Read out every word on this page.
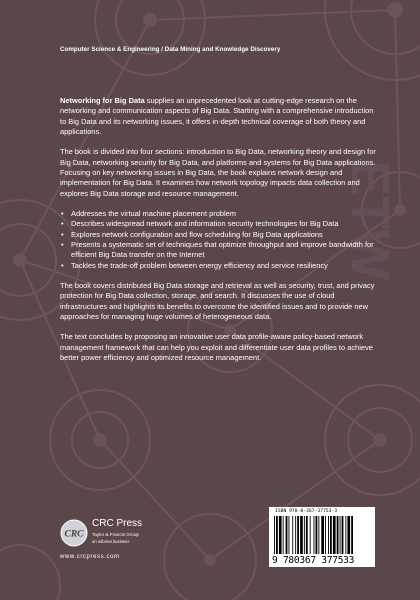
ETW
Computer Science & Engineering / Data Mining and Knowledge Discovery

Networking for Big Data supplies an unprecedented look at cutting-edge research on the networking and communication aspects of Big Data. Starting with a comprehensive introduction to Big Data and its networking issues, it offers in-depth technical coverage of both theory and applications.

The book is divided into four sections: introduction to Big Data, networking theory and design for Big Data, networking security for Big Data, and platforms and systems for Big Data applications. Focusing on key networking issues in Big Data, the book explains network design and implementation for Big Data. It examines how network topology impacts data collection and explores Big Data storage and resource management.

• Addresses the virtual machine placement problem
• Describes widespread network and information security technologies for Big Data
• Explores network configuration and flow scheduling for Big Data applications
• Presents a systematic set of techniques that optimize throughput and improve bandwidth for efficient Big Data transfer on the Internet
• Tackles the trade-off problem between energy efficiency and service resiliency

The book covers distributed Big Data storage and retrieval as well as security, trust, and privacy protection for Big Data collection, storage, and search. It discusses the use of cloud infrastructures and highlights its benefits to overcome the identified issues and to provide new approaches for managing huge volumes of heterogeneous data.

The text concludes by proposing an innovative user data profile-aware policy-based network management framework that can help you exploit and differentiate user data profiles to achieve better power efficiency and optimized resource management.

CRC
CRC Press
Taylor & Francis Group
an informa business
www.crcpress.com
ISBN 978-0-367-37753-3
9 780367 377533
